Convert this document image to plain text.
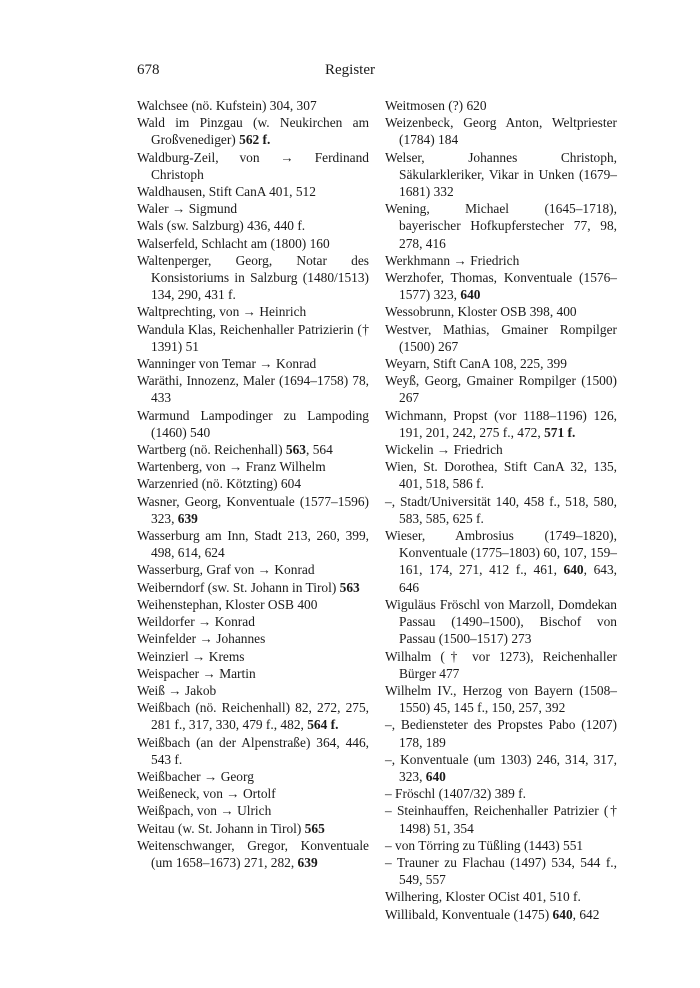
678	Register
Walchsee (nö. Kufstein) 304, 307
Wald im Pinzgau (w. Neukirchen am Großvenediger) 562 f.
Waldburg-Zeil, von → Ferdinand Christoph
Waldhausen, Stift CanA 401, 512
Waler → Sigmund
Wals (sw. Salzburg) 436, 440 f.
Walserfeld, Schlacht am (1800) 160
Waltenperger, Georg, Notar des Konsistoriums in Salzburg (1480/1513) 134, 290, 431 f.
Waltprechting, von → Heinrich
Wandula Klas, Reichenhaller Patrizierin († 1391) 51
Wanninger von Temar → Konrad
Waräthi, Innozenz, Maler (1694–1758) 78, 433
Warmund Lampodinger zu Lampoding (1460) 540
Wartberg (nö. Reichenhall) 563, 564
Wartenberg, von → Franz Wilhelm
Warzenried (nö. Kötzting) 604
Wasner, Georg, Konventuale (1577–1596) 323, 639
Wasserburg am Inn, Stadt 213, 260, 399, 498, 614, 624
Wasserburg, Graf von → Konrad
Weiberndorf (sw. St. Johann in Tirol) 563
Weihenstephan, Kloster OSB 400
Weildorfer → Konrad
Weinfelder → Johannes
Weinzierl → Krems
Weispacher → Martin
Weiß → Jakob
Weißbach (nö. Reichenhall) 82, 272, 275, 281 f., 317, 330, 479 f., 482, 564 f.
Weißbach (an der Alpenstraße) 364, 446, 543 f.
Weißbacher → Georg
Weißeneck, von → Ortolf
Weißpach, von → Ulrich
Weitau (w. St. Johann in Tirol) 565
Weitenschwanger, Gregor, Konventuale (um 1658–1673) 271, 282, 639
Weitmosen (?) 620
Weizenbeck, Georg Anton, Weltpriester (1784) 184
Welser, Johannes Christoph, Säkularkleriker, Vikar in Unken (1679–1681) 332
Wening, Michael (1645–1718), bayerischer Hofkupferstecher 77, 98, 278, 416
Werkhmann → Friedrich
Werzhofer, Thomas, Konventuale (1576–1577) 323, 640
Wessobrunn, Kloster OSB 398, 400
Westver, Mathias, Gmainer Rompilger (1500) 267
Weyarn, Stift CanA 108, 225, 399
Weyß, Georg, Gmainer Rompilger (1500) 267
Wichmann, Propst (vor 1188–1196) 126, 191, 201, 242, 275 f., 472, 571 f.
Wickelin → Friedrich
Wien, St. Dorothea, Stift CanA 32, 135, 401, 518, 586 f.
–, Stadt/Universität 140, 458 f., 518, 580, 583, 585, 625 f.
Wieser, Ambrosius (1749–1820), Konventuale (1775–1803) 60, 107, 159–161, 174, 271, 412 f., 461, 640, 643, 646
Wiguläus Fröschl von Marzoll, Domdekan Passau (1490–1500), Bischof von Passau (1500–1517) 273
Wilhalm († vor 1273), Reichenhaller Bürger 477
Wilhelm IV., Herzog von Bayern (1508–1550) 45, 145 f., 150, 257, 392
–, Bediensteter des Propstes Pabo (1207) 178, 189
–, Konventuale (um 1303) 246, 314, 317, 323, 640
– Fröschl (1407/32) 389 f.
– Steinhauffen, Reichenhaller Patrizier († 1498) 51, 354
– von Törring zu Tüßling (1443) 551
– Trauner zu Flachau (1497) 534, 544 f., 549, 557
Wilhering, Kloster OCist 401, 510 f.
Willibald, Konventuale (1475) 640, 642
